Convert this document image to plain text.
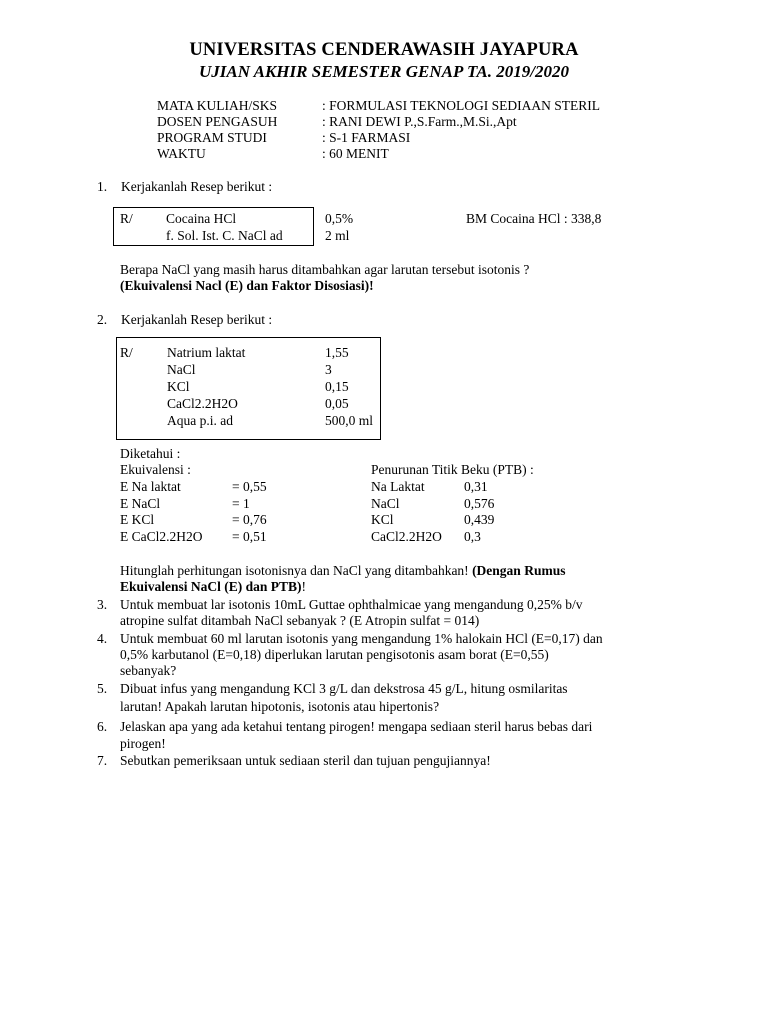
UNIVERSITAS CENDERAWASIH JAYAPURA
UJIAN AKHIR SEMESTER GENAP TA. 2019/2020
MATA KULIAH/SKS	: FORMULASI TEKNOLOGI SEDIAAN STERIL
DOSEN PENGASUH	: RANI DEWI P.,S.Farm.,M.Si.,Apt
PROGRAM STUDI	: S-1 FARMASI
WAKTU	: 60 MENIT
1. Kerjakanlah Resep berikut :
R/ Cocaina HCl	0,5%	BM Cocaina HCl : 338,8
f. Sol. Ist. C. NaCl ad	2 ml
Berapa NaCl yang masih harus ditambahkan agar larutan tersebut isotonis ?
(Ekuivalensi Nacl (E) dan Faktor Disosiasi)!
2. Kerjakanlah Resep berikut :
R/	Natrium laktat	1,55
NaCl	3
KCl	0,15
CaCl2.2H2O	0,05
Aqua p.i. ad	500,0 ml
Diketahui :
Ekuivalensi :	Penurunan Titik Beku (PTB) :
E Na laktat	= 0,55	Na Laktat	0,31
E NaCl	= 1	NaCl	0,576
E KCl	= 0,76	KCl	0,439
E CaCl2.2H2O = 0,51	CaCl2.2H2O 0,3
Hitunglah perhitungan isotonisnya dan NaCl yang ditambahkan! (Dengan Rumus
Ekuivalensi NaCl (E) dan PTB)!
3. Untuk membuat lar isotonis 10mL Guttae ophthalmicae yang mengandung 0,25% b/v
atropine sulfat ditambah NaCl sebanyak ? (E Atropin sulfat = 014)
4. Untuk membuat 60 ml larutan isotonis yang mengandung 1% halokain HCl (E=0,17) dan
0,5% karbutanol (E=0,18) diperlukan larutan pengisotonis asam borat (E=0,55)
sebanyak?
5. Dibuat infus yang mengandung KCl 3 g/L dan dekstrosa 45 g/L, hitung osmilaritas
larutan! Apakah larutan hipotonis, isotonis atau hipertonis?
6. Jelaskan apa yang ada ketahui tentang pirogen! mengapa sediaan steril harus bebas dari
pirogen!
7. Sebutkan pemeriksaan untuk sediaan steril dan tujuan pengujiannya!
